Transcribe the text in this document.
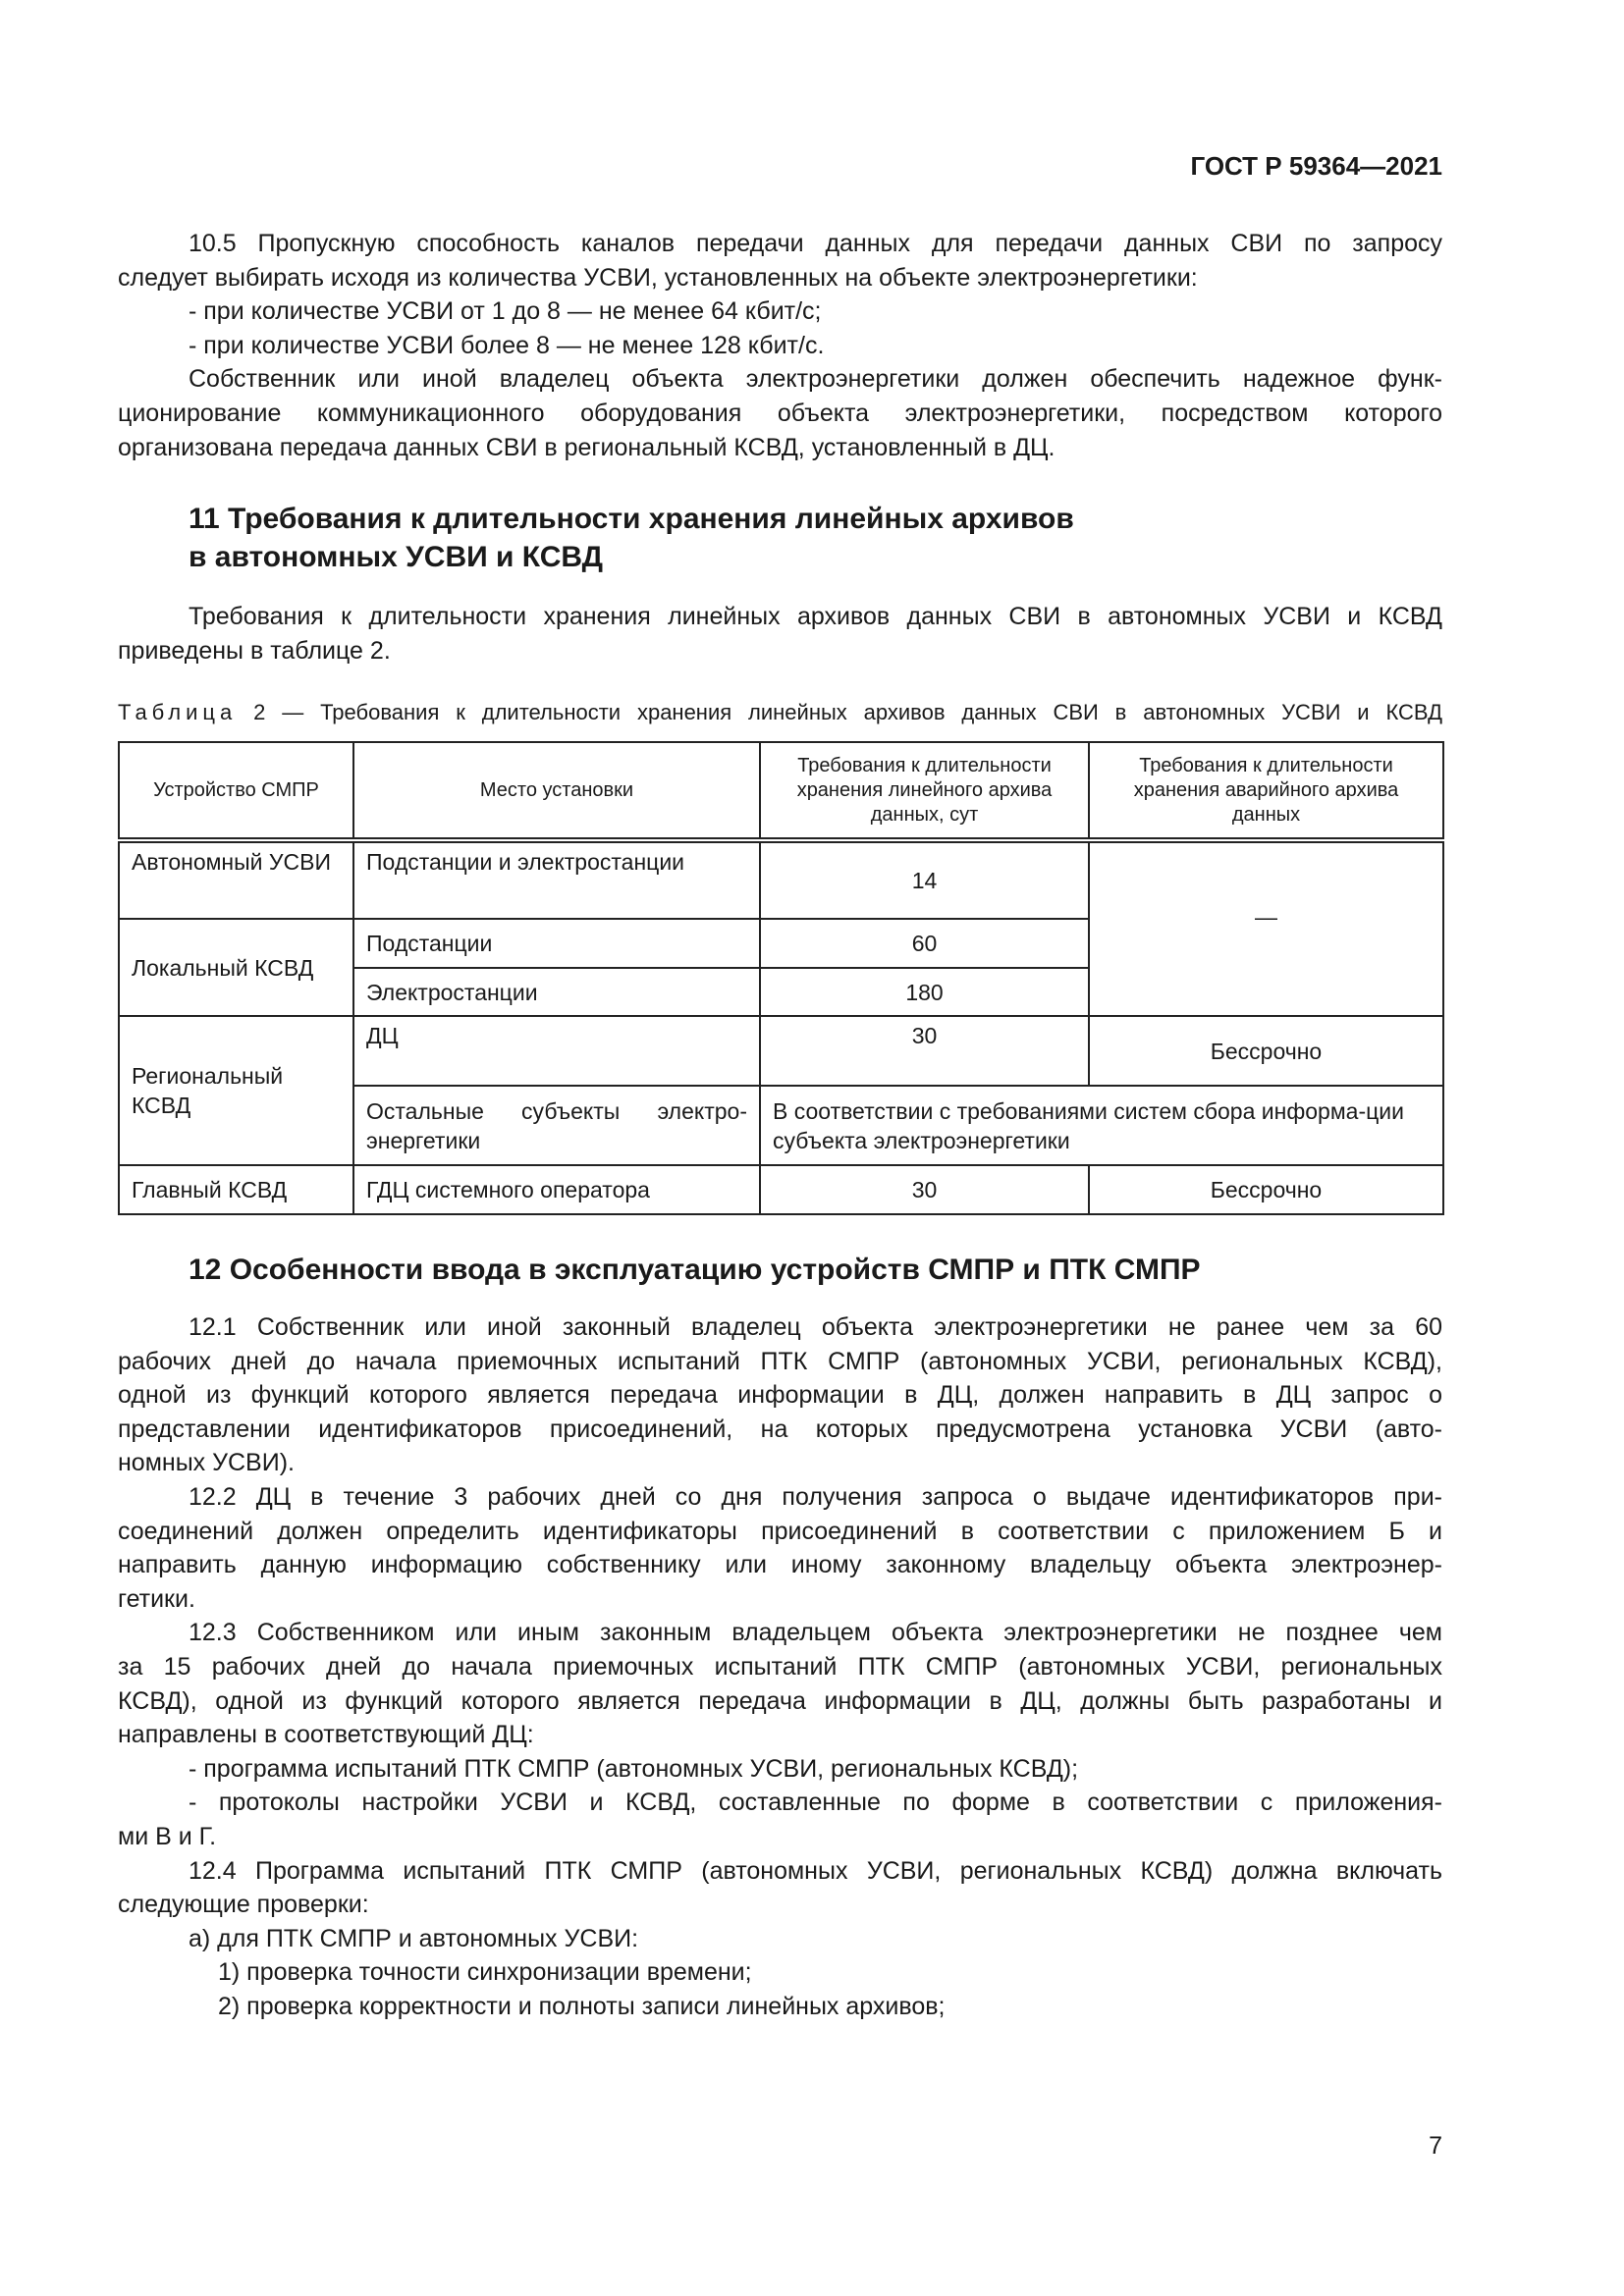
ГОСТ Р 59364—2021
10.5 Пропускную способность каналов передачи данных для передачи данных СВИ по запросу
следует выбирать исходя из количества УСВИ, установленных на объекте электроэнергетики:
- при количестве УСВИ от 1 до 8 — не менее 64 кбит/с;
- при количестве УСВИ более 8 — не менее 128 кбит/с.
Собственник или иной владелец объекта электроэнергетики должен обеспечить надежное функ-
ционирование коммуникационного оборудования объекта электроэнергетики, посредством которого
организована передача данных СВИ в региональный КСВД, установленный в ДЦ.
11 Требования к длительности хранения линейных архивов
в автономных УСВИ и КСВД
Требования к длительности хранения линейных архивов данных СВИ в автономных УСВИ и КСВД
приведены в таблице 2.
Таблица 2 — Требования к длительности хранения линейных архивов данных СВИ в автономных УСВИ и КСВД
Устройство СМПР	Место установки	Требования к длительности хранения линейного архива данных, сут	Требования к длительности хранения аварийного архива данных
Автономный УСВИ	Подстанции и электростанции	14	—
Локальный КСВД	Подстанции	60	
	Электростанции	180	
Региональный КСВД	ДЦ	30	Бессрочно
	Остальные субъекты электро-энергетики	В соответствии с требованиями систем сбора информа-ции субъекта электроэнергетики	
Главный КСВД	ГДЦ системного оператора	30	Бессрочно
12 Особенности ввода в эксплуатацию устройств СМПР и ПТК СМПР
12.1 Собственник или иной законный владелец объекта электроэнергетики не ранее чем за 60
рабочих дней до начала приемочных испытаний ПТК СМПР (автономных УСВИ, региональных КСВД),
одной из функций которого является передача информации в ДЦ, должен направить в ДЦ запрос о
представлении идентификаторов присоединений, на которых предусмотрена установка УСВИ (авто-
номных УСВИ).
12.2 ДЦ в течение 3 рабочих дней со дня получения запроса о выдаче идентификаторов при-
соединений должен определить идентификаторы присоединений в соответствии с приложением Б и
направить данную информацию собственнику или иному законному владельцу объекта электроэнер-
гетики.
12.3 Собственником или иным законным владельцем объекта электроэнергетики не позднее чем
за 15 рабочих дней до начала приемочных испытаний ПТК СМПР (автономных УСВИ, региональных
КСВД), одной из функций которого является передача информации в ДЦ, должны быть разработаны и
направлены в соответствующий ДЦ:
- программа испытаний ПТК СМПР (автономных УСВИ, региональных КСВД);
- протоколы настройки УСВИ и КСВД, составленные по форме в соответствии с приложения-
ми В и Г.
12.4 Программа испытаний ПТК СМПР (автономных УСВИ, региональных КСВД) должна включать
следующие проверки:
а) для ПТК СМПР и автономных УСВИ:
1) проверка точности синхронизации времени;
2) проверка корректности и полноты записи линейных архивов;
7
